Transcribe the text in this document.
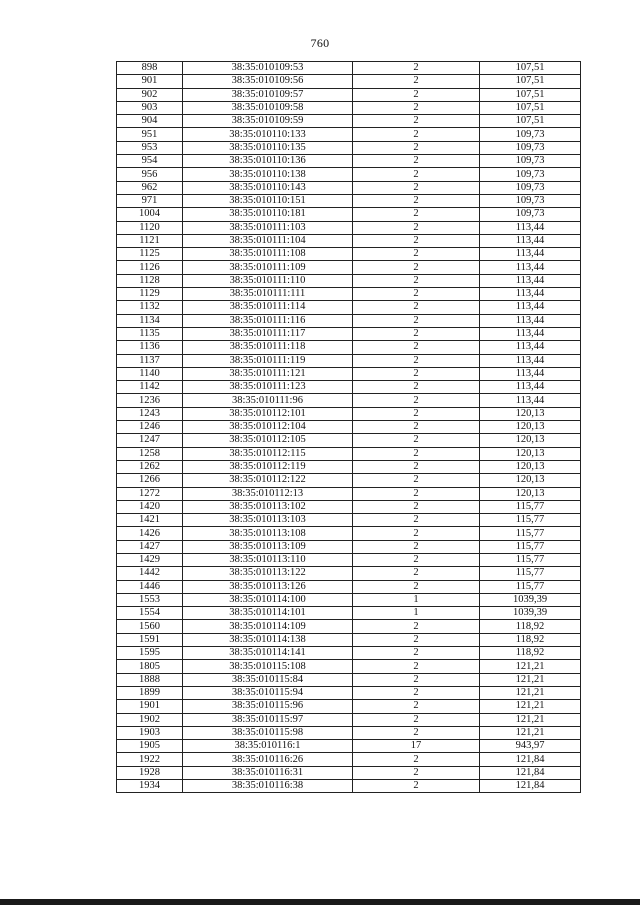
760
898	38:35:010109:53	2	107,51
901	38:35:010109:56	2	107,51
902	38:35:010109:57	2	107,51
903	38:35:010109:58	2	107,51
904	38:35:010109:59	2	107,51
951	38:35:010110:133	2	109,73
953	38:35:010110:135	2	109,73
954	38:35:010110:136	2	109,73
956	38:35:010110:138	2	109,73
962	38:35:010110:143	2	109,73
971	38:35:010110:151	2	109,73
1004	38:35:010110:181	2	109,73
1120	38:35:010111:103	2	113,44
1121	38:35:010111:104	2	113,44
1125	38:35:010111:108	2	113,44
1126	38:35:010111:109	2	113,44
1128	38:35:010111:110	2	113,44
1129	38:35:010111:111	2	113,44
1132	38:35:010111:114	2	113,44
1134	38:35:010111:116	2	113,44
1135	38:35:010111:117	2	113,44
1136	38:35:010111:118	2	113,44
1137	38:35:010111:119	2	113,44
1140	38:35:010111:121	2	113,44
1142	38:35:010111:123	2	113,44
1236	38:35:010111:96	2	113,44
1243	38:35:010112:101	2	120,13
1246	38:35:010112:104	2	120,13
1247	38:35:010112:105	2	120,13
1258	38:35:010112:115	2	120,13
1262	38:35:010112:119	2	120,13
1266	38:35:010112:122	2	120,13
1272	38:35:010112:13	2	120,13
1420	38:35:010113:102	2	115,77
1421	38:35:010113:103	2	115,77
1426	38:35:010113:108	2	115,77
1427	38:35:010113:109	2	115,77
1429	38:35:010113:110	2	115,77
1442	38:35:010113:122	2	115,77
1446	38:35:010113:126	2	115,77
1553	38:35:010114:100	1	1039,39
1554	38:35:010114:101	1	1039,39
1560	38:35:010114:109	2	118,92
1591	38:35:010114:138	2	118,92
1595	38:35:010114:141	2	118,92
1805	38:35:010115:108	2	121,21
1888	38:35:010115:84	2	121,21
1899	38:35:010115:94	2	121,21
1901	38:35:010115:96	2	121,21
1902	38:35:010115:97	2	121,21
1903	38:35:010115:98	2	121,21
1905	38:35:010116:1	17	943,97
1922	38:35:010116:26	2	121,84
1928	38:35:010116:31	2	121,84
1934	38:35:010116:38	2	121,84
